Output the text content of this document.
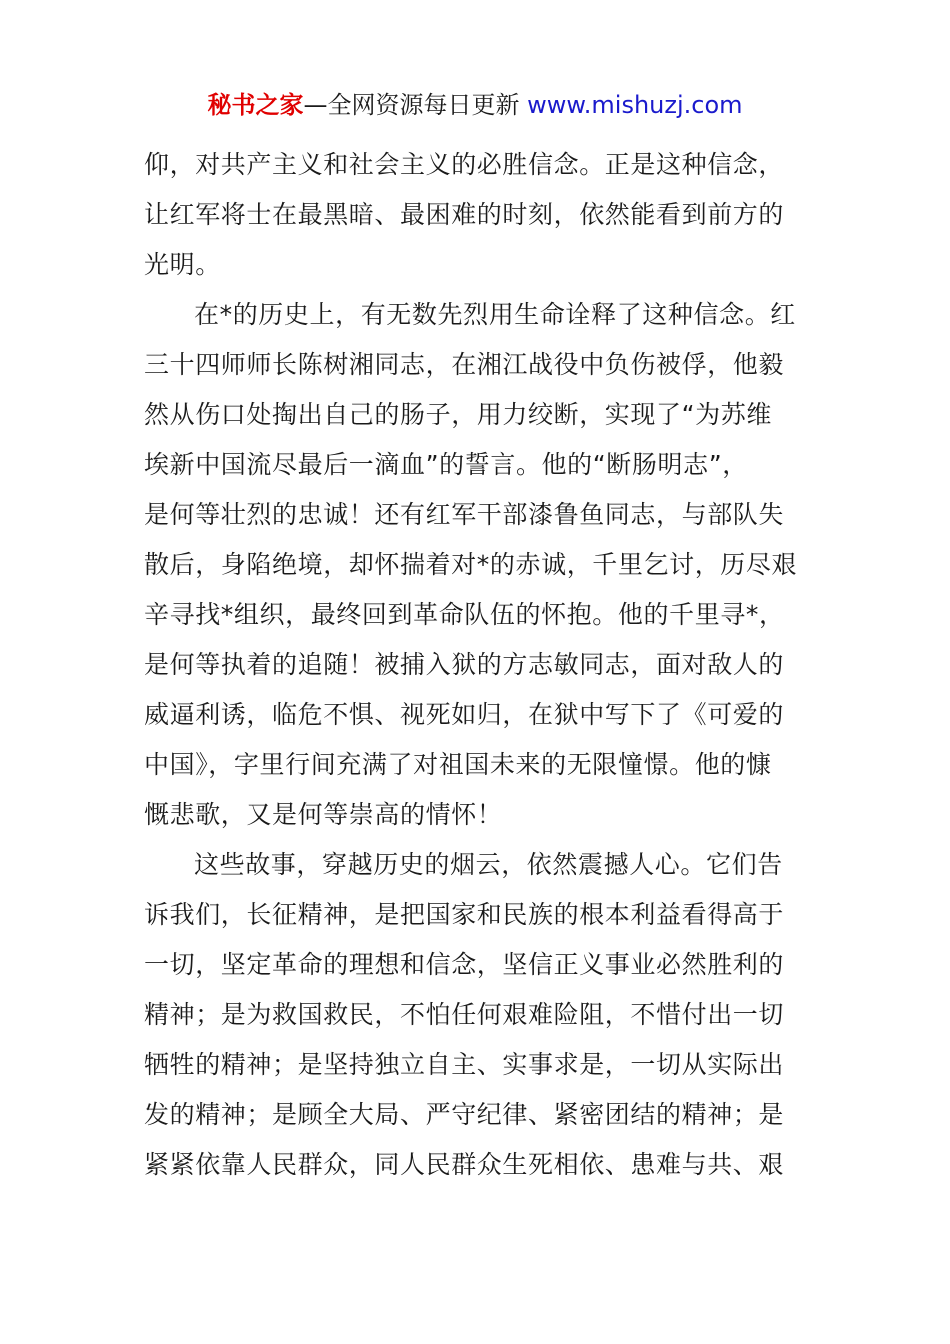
秘书之家—全网资源每日更新 www.mishuzj.com
仰，对共产主义和社会主义的必胜信念。正是这种信念，
让红军将士在最黑暗、最困难的时刻，依然能看到前方的
光明。
在*的历史上，有无数先烈用生命诠释了这种信念。红
三十四师师长陈树湘同志，在湘江战役中负伤被俘，他毅
然从伤口处掏出自己的肠子，用力绞断，实现了“为苏维
埃新中国流尽最后一滴血”的誓言。他的“断肠明志”，
是何等壮烈的忠诚！还有红军干部漆鲁鱼同志，与部队失
散后，身陷绝境，却怀揣着对*的赤诚，千里乞讨，历尽艰
辛寻找*组织，最终回到革命队伍的怀抱。他的千里寻*，
是何等执着的追随！被捕入狱的方志敏同志，面对敌人的
威逼利诱，临危不惧、视死如归，在狱中写下了《可爱的
中国》，字里行间充满了对祖国未来的无限憧憬。他的慷
慨悲歌，又是何等崇高的情怀！
这些故事，穿越历史的烟云，依然震撼人心。它们告
诉我们，长征精神，是把国家和民族的根本利益看得高于
一切，坚定革命的理想和信念，坚信正义事业必然胜利的
精神；是为救国救民，不怕任何艰难险阻，不惜付出一切
牺牲的精神；是坚持独立自主、实事求是，一切从实际出
发的精神；是顾全大局、严守纪律、紧密团结的精神；是
紧紧依靠人民群众，同人民群众生死相依、患难与共、艰
